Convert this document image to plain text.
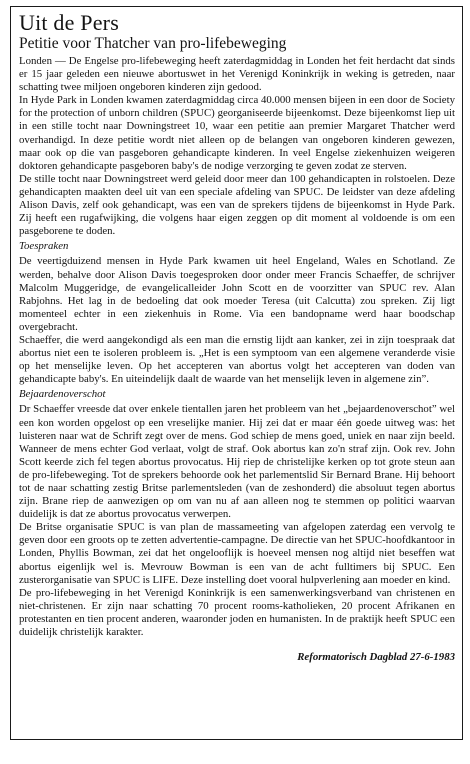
Uit de Pers
Petitie voor Thatcher van pro-lifebeweging

Londen — De Engelse pro-lifebeweging heeft zaterdagmiddag in Londen het feit herdacht dat sinds er 15 jaar geleden een nieuwe abortuswet in het Verenigd Koninkrijk in weking is getreden, naar schatting twee miljoen ongeboren kinderen zijn gedood.

In Hyde Park in Londen kwamen zaterdagmiddag circa 40.000 mensen bijeen in een door de Society for the protection of unborn children (SPUC) georganiseerde bijeenkomst. Deze bijeenkomst liep uit in een stille tocht naar Downingstreet 10, waar een petitie aan premier Margaret Thatcher werd overhandigd. In deze petitie wordt niet alleen op de belangen van ongeboren kinderen gewezen, maar ook op die van pasgeboren gehandicapte kinderen. In veel Engelse ziekenhuizen weigeren doktoren gehandicapte pasgeboren baby's de nodige verzorging te geven zodat ze sterven.

De stille tocht naar Downingstreet werd geleid door meer dan 100 gehandicapten in rolstoelen. Deze gehandicapten maakten deel uit van een speciale afdeling van SPUC. De leidster van deze afdeling Alison Davis, zelf ook gehandicapt, was een van de sprekers tijdens de bijeenkomst in Hyde Park. Zij heeft een rugafwijking, die volgens haar eigen zeggen op dit moment al voldoende is om een pasgeborene te doden.

Toespraken

De veertigduizend mensen in Hyde Park kwamen uit heel Engeland, Wales en Schotland. Ze werden, behalve door Alison Davis toegesproken door onder meer Francis Schaeffer, de schrijver Malcolm Muggeridge, de evangelicalleider John Scott en de voorzitter van SPUC rev. Alan Rabjohns. Het lag in de bedoeling dat ook moeder Teresa (uit Calcutta) zou spreken. Zij ligt momenteel echter in een ziekenhuis in Rome. Via een bandopname werd haar boodschap overgebracht.

Schaeffer, die werd aangekondigd als een man die ernstig lijdt aan kanker, zei in zijn toespraak dat abortus niet een te isoleren probleem is. „Het is een symptoom van een algemene veranderde visie op het menselijke leven. Op het accepteren van abortus volgt het accepteren van doden van gehandicapte baby's. En uiteindelijk daalt de waarde van het menselijk leven in algemene zin”.

Bejaardenoverschot

Dr Schaeffer vreesde dat over enkele tientallen jaren het probleem van het „bejaardenoverschot” wel een kon worden opgelost op een vreselijke manier. Hij zei dat er maar één goede uitweg was: het luisteren naar wat de Schrift zegt over de mens. God schiep de mens goed, uniek en naar zijn beeld. Wanneer de mens echter God verlaat, volgt de straf. Ook abortus kan zo'n straf zijn. Ook rev. John Scott keerde zich fel tegen abortus provocatus. Hij riep de christelijke kerken op tot grote steun aan de pro-lifebeweging. Tot de sprekers behoorde ook het parlementslid Sir Bernard Brane. Hij behoort tot de naar schatting zestig Britse parlementsleden (van de zeshonderd) die absoluut tegen abortus zijn. Brane riep de aanwezigen op om van nu af aan alleen nog te stemmen op politici waarvan duidelijk is dat ze abortus provocatus verwerpen.

De Britse organisatie SPUC is van plan de massameeting van afgelopen zaterdag een vervolg te geven door een groots op te zetten advertentie-campagne. De directie van het SPUC-hoofdkantoor in Londen, Phyllis Bowman, zei dat het ongelooflijk is hoeveel mensen nog altijd niet beseffen wat abortus eigenlijk wel is. Mevrouw Bowman is een van de acht fulltimers bij SPUC. Een zusterorganisatie van SPUC is LIFE. Deze instelling doet vooral hulpverlening aan moeder en kind.

De pro-lifebeweging in het Verenigd Koninkrijk is een samenwerkingsverband van christenen en niet-christenen. Er zijn naar schatting 70 procent rooms-katholieken, 20 procent Afrikanen en protestanten en tien procent anderen, waaronder joden en humanisten. In de praktijk heeft SPUC een duidelijk christelijk karakter.

Reformatorisch Dagblad 27-6-1983
